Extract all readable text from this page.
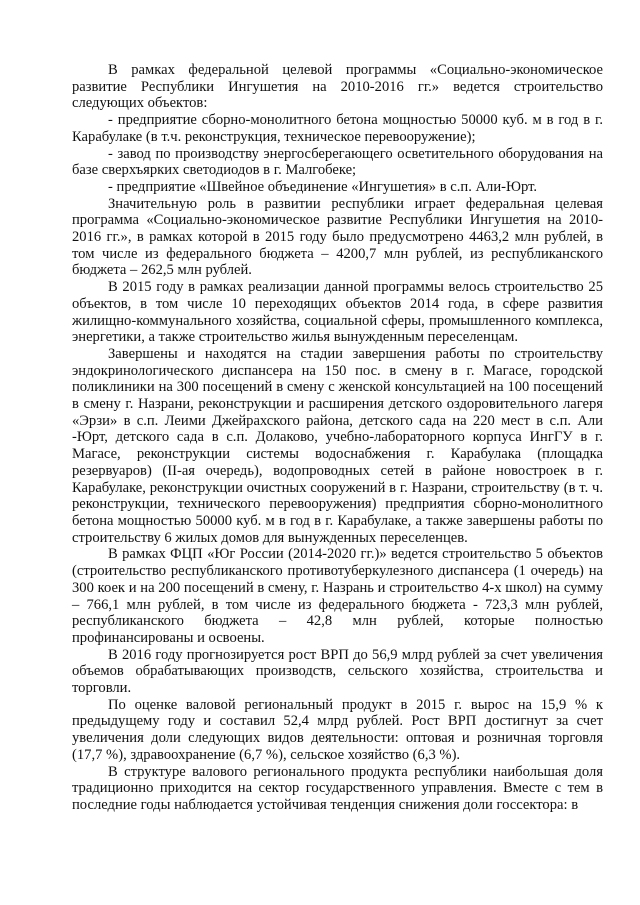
В рамках федеральной целевой программы «Социально-экономическое развитие Республики Ингушетия на 2010-2016 гг.» ведется строительство следующих объектов:

- предприятие сборно-монолитного бетона мощностью 50000 куб. м в год в г. Карабулаке (в т.ч. реконструкция, техническое перевооружение);

- завод по производству энергосберегающего осветительного оборудования на базе сверхъярких светодиодов в г. Малгобеке;

- предприятие «Швейное объединение «Ингушетия» в с.п. Али-Юрт.

Значительную роль в развитии республики играет федеральная целевая программа «Социально-экономическое развитие Республики Ингушетия на 2010-2016 гг.», в рамках которой в 2015 году было предусмотрено 4463,2 млн рублей, в том числе из федерального бюджета – 4200,7 млн рублей, из республиканского бюджета – 262,5 млн рублей.

В 2015 году в рамках реализации данной программы велось строительство 25 объектов, в том числе 10 переходящих объектов 2014 года, в сфере развития жилищно-коммунального хозяйства, социальной сферы, промышленного комплекса, энергетики, а также строительство жилья вынужденным переселенцам.

Завершены и находятся на стадии завершения работы по строительству эндокринологического диспансера на 150 пос. в смену в г. Магасе, городской поликлиники на 300 посещений в смену с женской консультацией на 100 посещений в смену г. Назрани, реконструкции и расширения детского оздоровительного лагеря «Эрзи» в с.п. Леими Джейрахского района, детского сада на 220 мест в с.п. Али -Юрт, детского сада в с.п. Долаково, учебно-лабораторного корпуса ИнгГУ в г. Магасе, реконструкции системы водоснабжения г. Карабулака (площадка резервуаров) (II-ая очередь), водопроводных сетей в районе новостроек в г. Карабулаке, реконструкции очистных сооружений в г. Назрани, строительству (в т. ч. реконструкции, технического перевооружения) предприятия сборно-монолитного бетона мощностью 50000 куб. м в год в г. Карабулаке, а также завершены работы по строительству 6 жилых домов для вынужденных переселенцев.

В рамках ФЦП «Юг России (2014-2020 гг.)» ведется строительство 5 объектов (строительство республиканского противотуберкулезного диспансера (1 очередь) на 300 коек и на 200 посещений в смену, г. Назрань и строительство 4-х школ) на сумму – 766,1 млн рублей, в том числе из федерального бюджета - 723,3 млн рублей, республиканского бюджета – 42,8 млн рублей, которые полностью профинансированы и освоены.

В 2016 году прогнозируется рост ВРП до 56,9 млрд рублей за счет увеличения объемов обрабатывающих производств, сельского хозяйства, строительства и торговли.

По оценке валовой региональный продукт в 2015 г. вырос на 15,9 % к предыдущему году и составил 52,4 млрд рублей. Рост ВРП достигнут за счет увеличения доли следующих видов деятельности: оптовая и розничная торговля (17,7 %), здравоохранение (6,7 %), сельское хозяйство (6,3 %).

В структуре валового регионального продукта республики наибольшая доля традиционно приходится на сектор государственного управления. Вместе с тем в последние годы наблюдается устойчивая тенденция снижения доли госсектора: в
